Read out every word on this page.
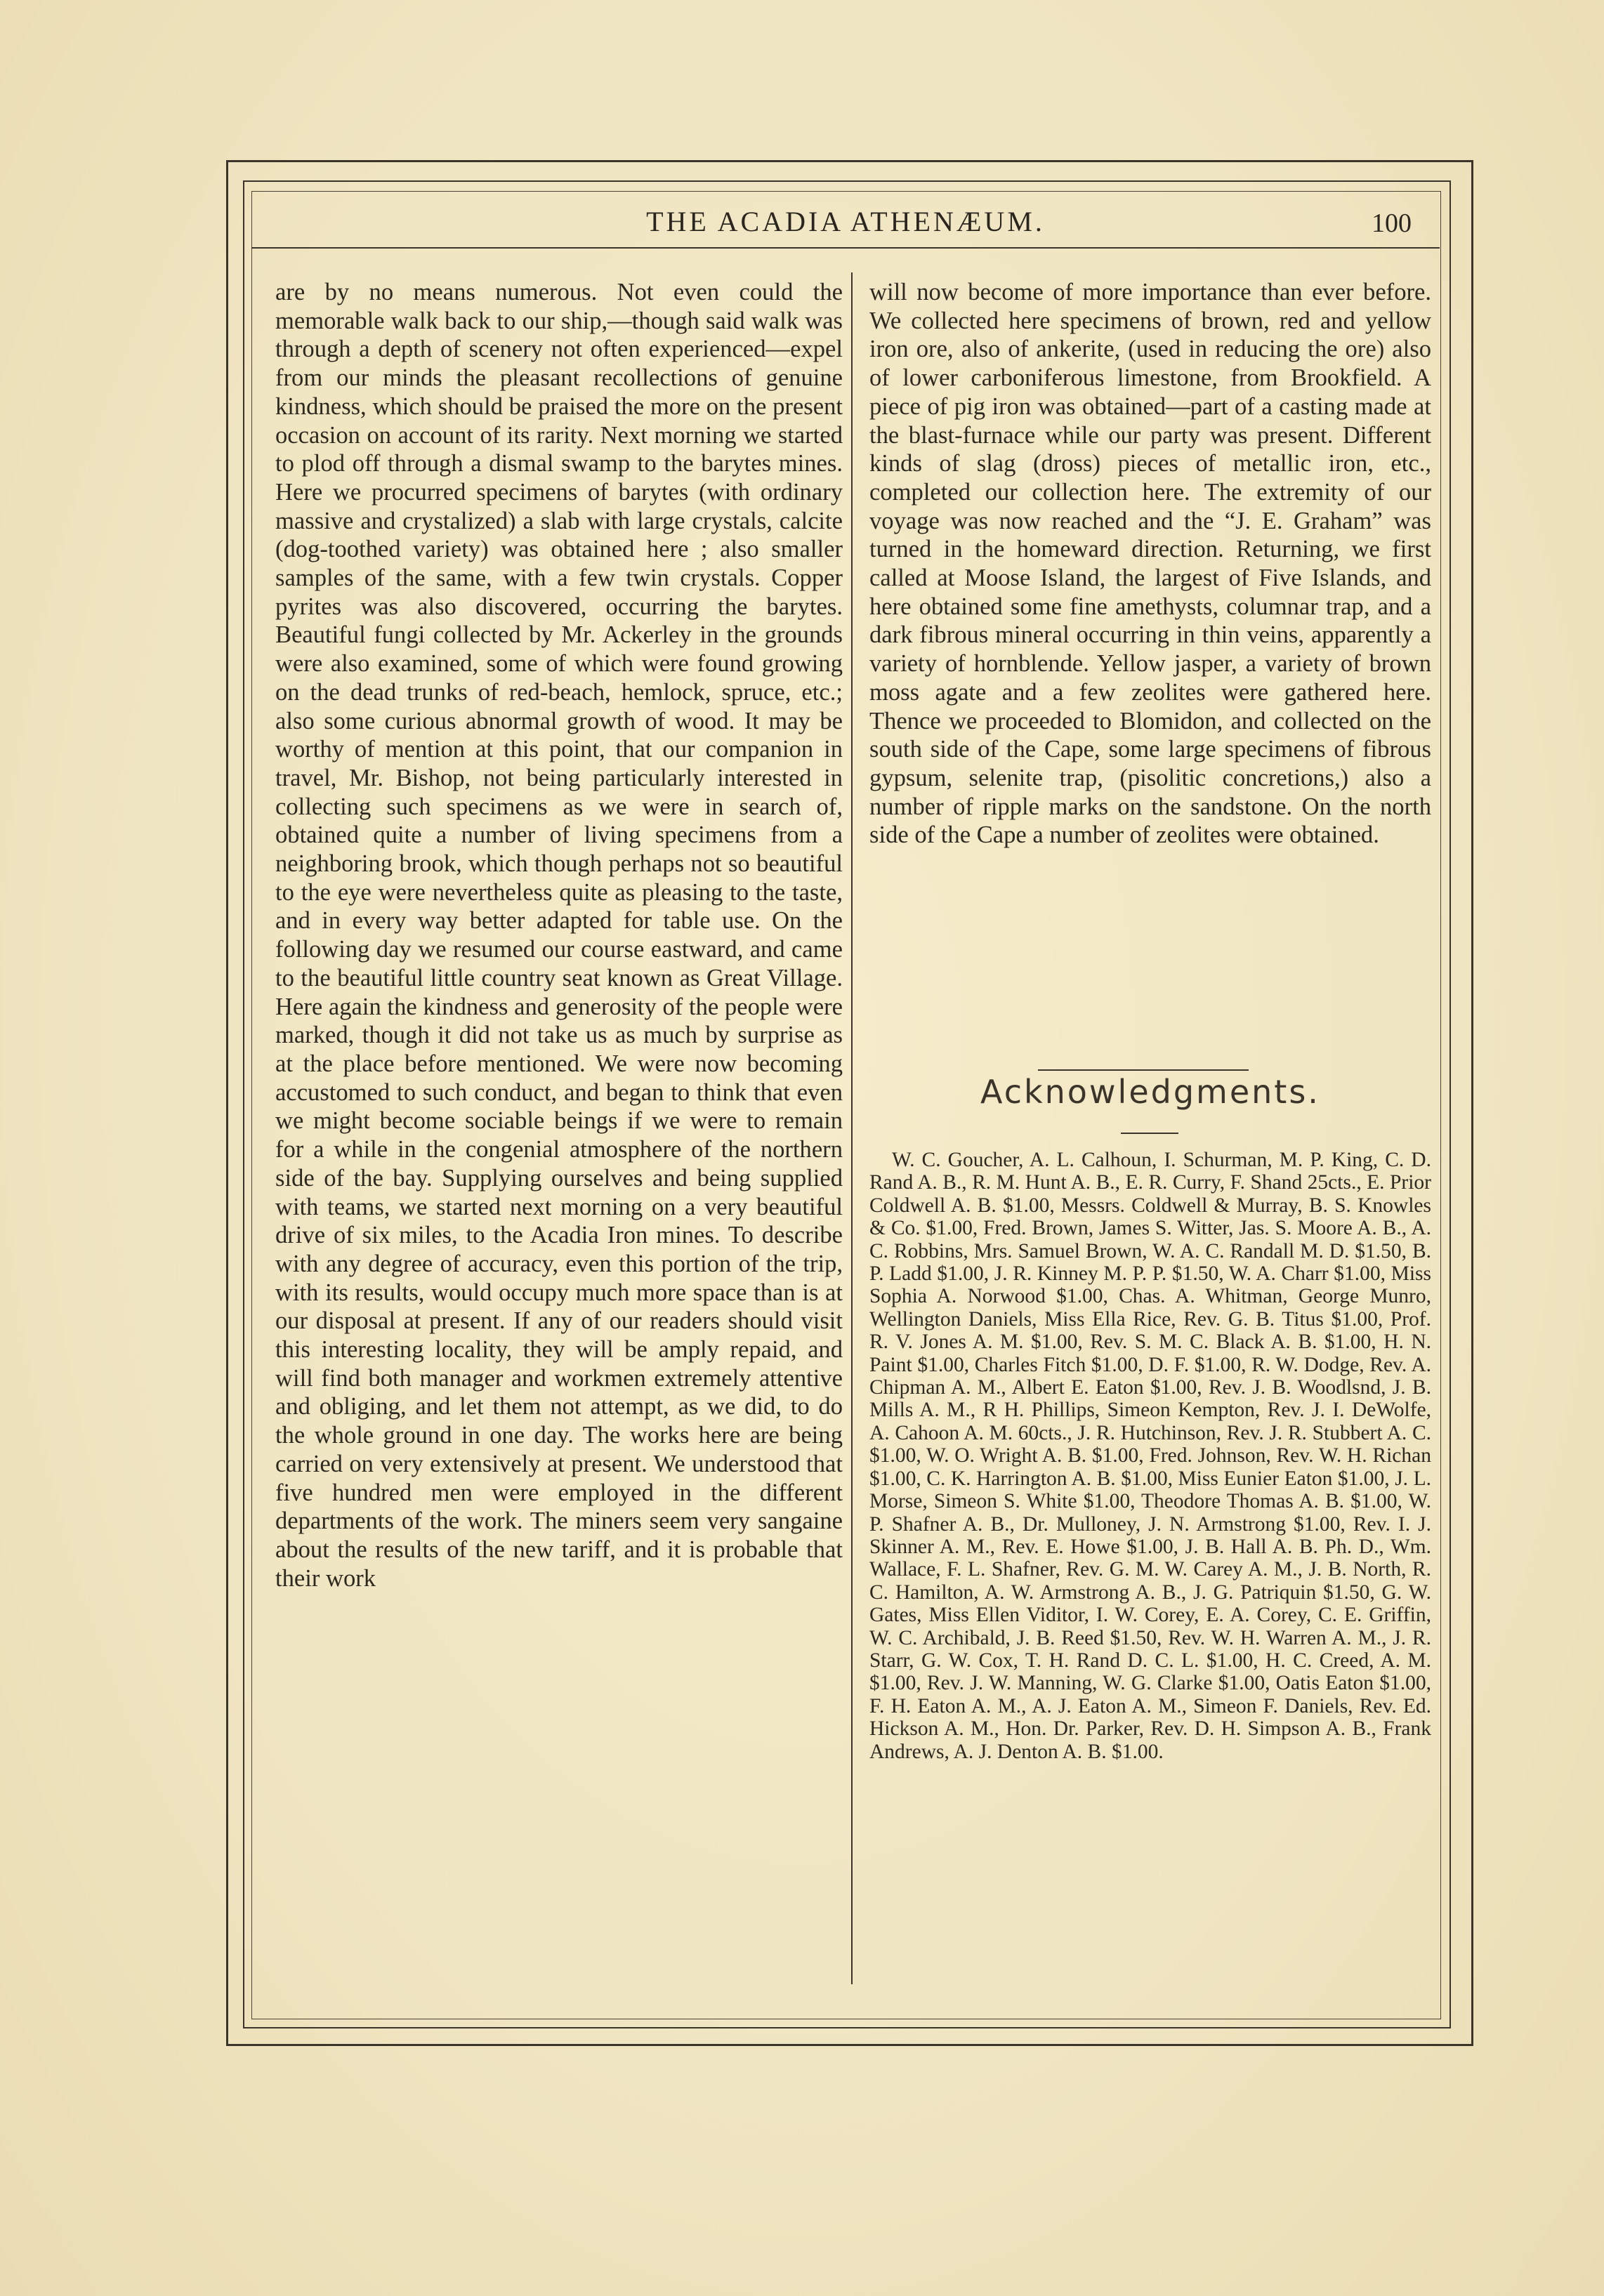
THE ACADIA ATHENÆUM.	100
are by no means numerous. Not even could the memorable walk back to our ship,—though said walk was through a depth of scenery not often experienced—expel from our minds the pleasant recollections of genuine kindness, which should be praised the more on the present occasion on account of its rarity. Next morning we started to plod off through a dismal swamp to the barytes mines. Here we procurred specimens of barytes (with ordinary massive and crystalized) a slab with large crystals, calcite (dog-toothed variety) was obtained here ; also smaller samples of the same, with a few twin crystals. Copper pyrites was also discovered, occurring the barytes. Beautiful fungi collected by Mr. Ackerley in the grounds were also examined, some of which were found growing on the dead trunks of red-beach, hemlock, spruce, etc.; also some curious abnormal growth of wood. It may be worthy of mention at this point, that our companion in travel, Mr. Bishop, not being particularly interested in collecting such specimens as we were in search of, obtained quite a number of living specimens from a neighboring brook, which though perhaps not so beautiful to the eye were nevertheless quite as pleasing to the taste, and in every way better adapted for table use. On the following day we resumed our course eastward, and came to the beautiful little country seat known as Great Village. Here again the kindness and generosity of the people were marked, though it did not take us as much by surprise as at the place before mentioned. We were now becoming accustomed to such conduct, and began to think that even we might become sociable beings if we were to remain for a while in the congenial atmosphere of the northern side of the bay. Supplying ourselves and being supplied with teams, we started next morning on a very beautiful drive of six miles, to the Acadia Iron mines. To describe with any degree of accuracy, even this portion of the trip, with its results, would occupy much more space than is at our disposal at present. If any of our readers should visit this interesting locality, they will be amply repaid, and will find both manager and workmen extremely attentive and obliging, and let them not attempt, as we did, to do the whole ground in one day. The works here are being carried on very extensively at present. We understood that five hundred men were employed in the different departments of the work. The miners seem very sangaine about the results of the new tariff, and it is probable that their work
will now become of more importance than ever before. We collected here specimens of brown, red and yellow iron ore, also of ankerite, (used in reducing the ore) also of lower carboniferous limestone, from Brookfield. A piece of pig iron was obtained—part of a casting made at the blast-furnace while our party was present. Different kinds of slag (dross) pieces of metallic iron, etc., completed our collection here. The extremity of our voyage was now reached and the “J. E. Graham” was turned in the homeward direction. Returning, we first called at Moose Island, the largest of Five Islands, and here obtained some fine amethysts, columnar trap, and a dark fibrous mineral occurring in thin veins, apparently a variety of hornblende. Yellow jasper, a variety of brown moss agate and a few zeolites were gathered here. Thence we proceeded to Blomidon, and collected on the south side of the Cape, some large specimens of fibrous gypsum, selenite trap, (pisolitic concretions,) also a number of ripple marks on the sandstone. On the north side of the Cape a number of zeolites were obtained.
Acknowledgments.
W. C. Goucher, A. L. Calhoun, I. Schurman, M. P. King, C. D. Rand A. B., R. M. Hunt A. B., E. R. Curry, F. Shand 25cts., E. Prior Coldwell A. B. $1.00, Messrs. Coldwell & Murray, B. S. Knowles & Co. $1.00, Fred. Brown, James S. Witter, Jas. S. Moore A. B., A. C. Robbins, Mrs. Samuel Brown, W. A. C. Randall M. D. $1.50, B. P. Ladd $1.00, J. R. Kinney M. P. P. $1.50, W. A. Charr $1.00, Miss Sophia A. Norwood $1.00, Chas. A. Whitman, George Munro, Wellington Daniels, Miss Ella Rice, Rev. G. B. Titus $1.00, Prof. R. V. Jones A. M. $1.00, Rev. S. M. C. Black A. B. $1.00, H. N. Paint $1.00, Charles Fitch $1.00, D. F. $1.00, R. W. Dodge, Rev. A. Chipman A. M., Albert E. Eaton $1.00, Rev. J. B. Woodlsnd, J. B. Mills A. M., R H. Phillips, Simeon Kempton, Rev. J. I. DeWolfe, A. Cahoon A. M. 60cts., J. R. Hutchinson, Rev. J. R. Stubbert A. C. $1.00, W. O. Wright A. B. $1.00, Fred. Johnson, Rev. W. H. Richan $1.00, C. K. Harrington A. B. $1.00, Miss Eunier Eaton $1.00, J. L. Morse, Simeon S. White $1.00, Theodore Thomas A. B. $1.00, W. P. Shafner A. B., Dr. Mulloney, J. N. Armstrong $1.00, Rev. I. J. Skinner A. M., Rev. E. Howe $1.00, J. B. Hall A. B. Ph. D., Wm. Wallace, F. L. Shafner, Rev. G. M. W. Carey A. M., J. B. North, R. C. Hamilton, A. W. Armstrong A. B., J. G. Patriquin $1.50, G. W. Gates, Miss Ellen Viditor, I. W. Corey, E. A. Corey, C. E. Griffin, W. C. Archibald, J. B. Reed $1.50, Rev. W. H. Warren A. M., J. R. Starr, G. W. Cox, T. H. Rand D. C. L. $1.00, H. C. Creed, A. M. $1.00, Rev. J. W. Manning, W. G. Clarke $1.00, Oatis Eaton $1.00, F. H. Eaton A. M., A. J. Eaton A. M., Simeon F. Daniels, Rev. Ed. Hickson A. M., Hon. Dr. Parker, Rev. D. H. Simpson A. B., Frank Andrews, A. J. Denton A. B. $1.00.
